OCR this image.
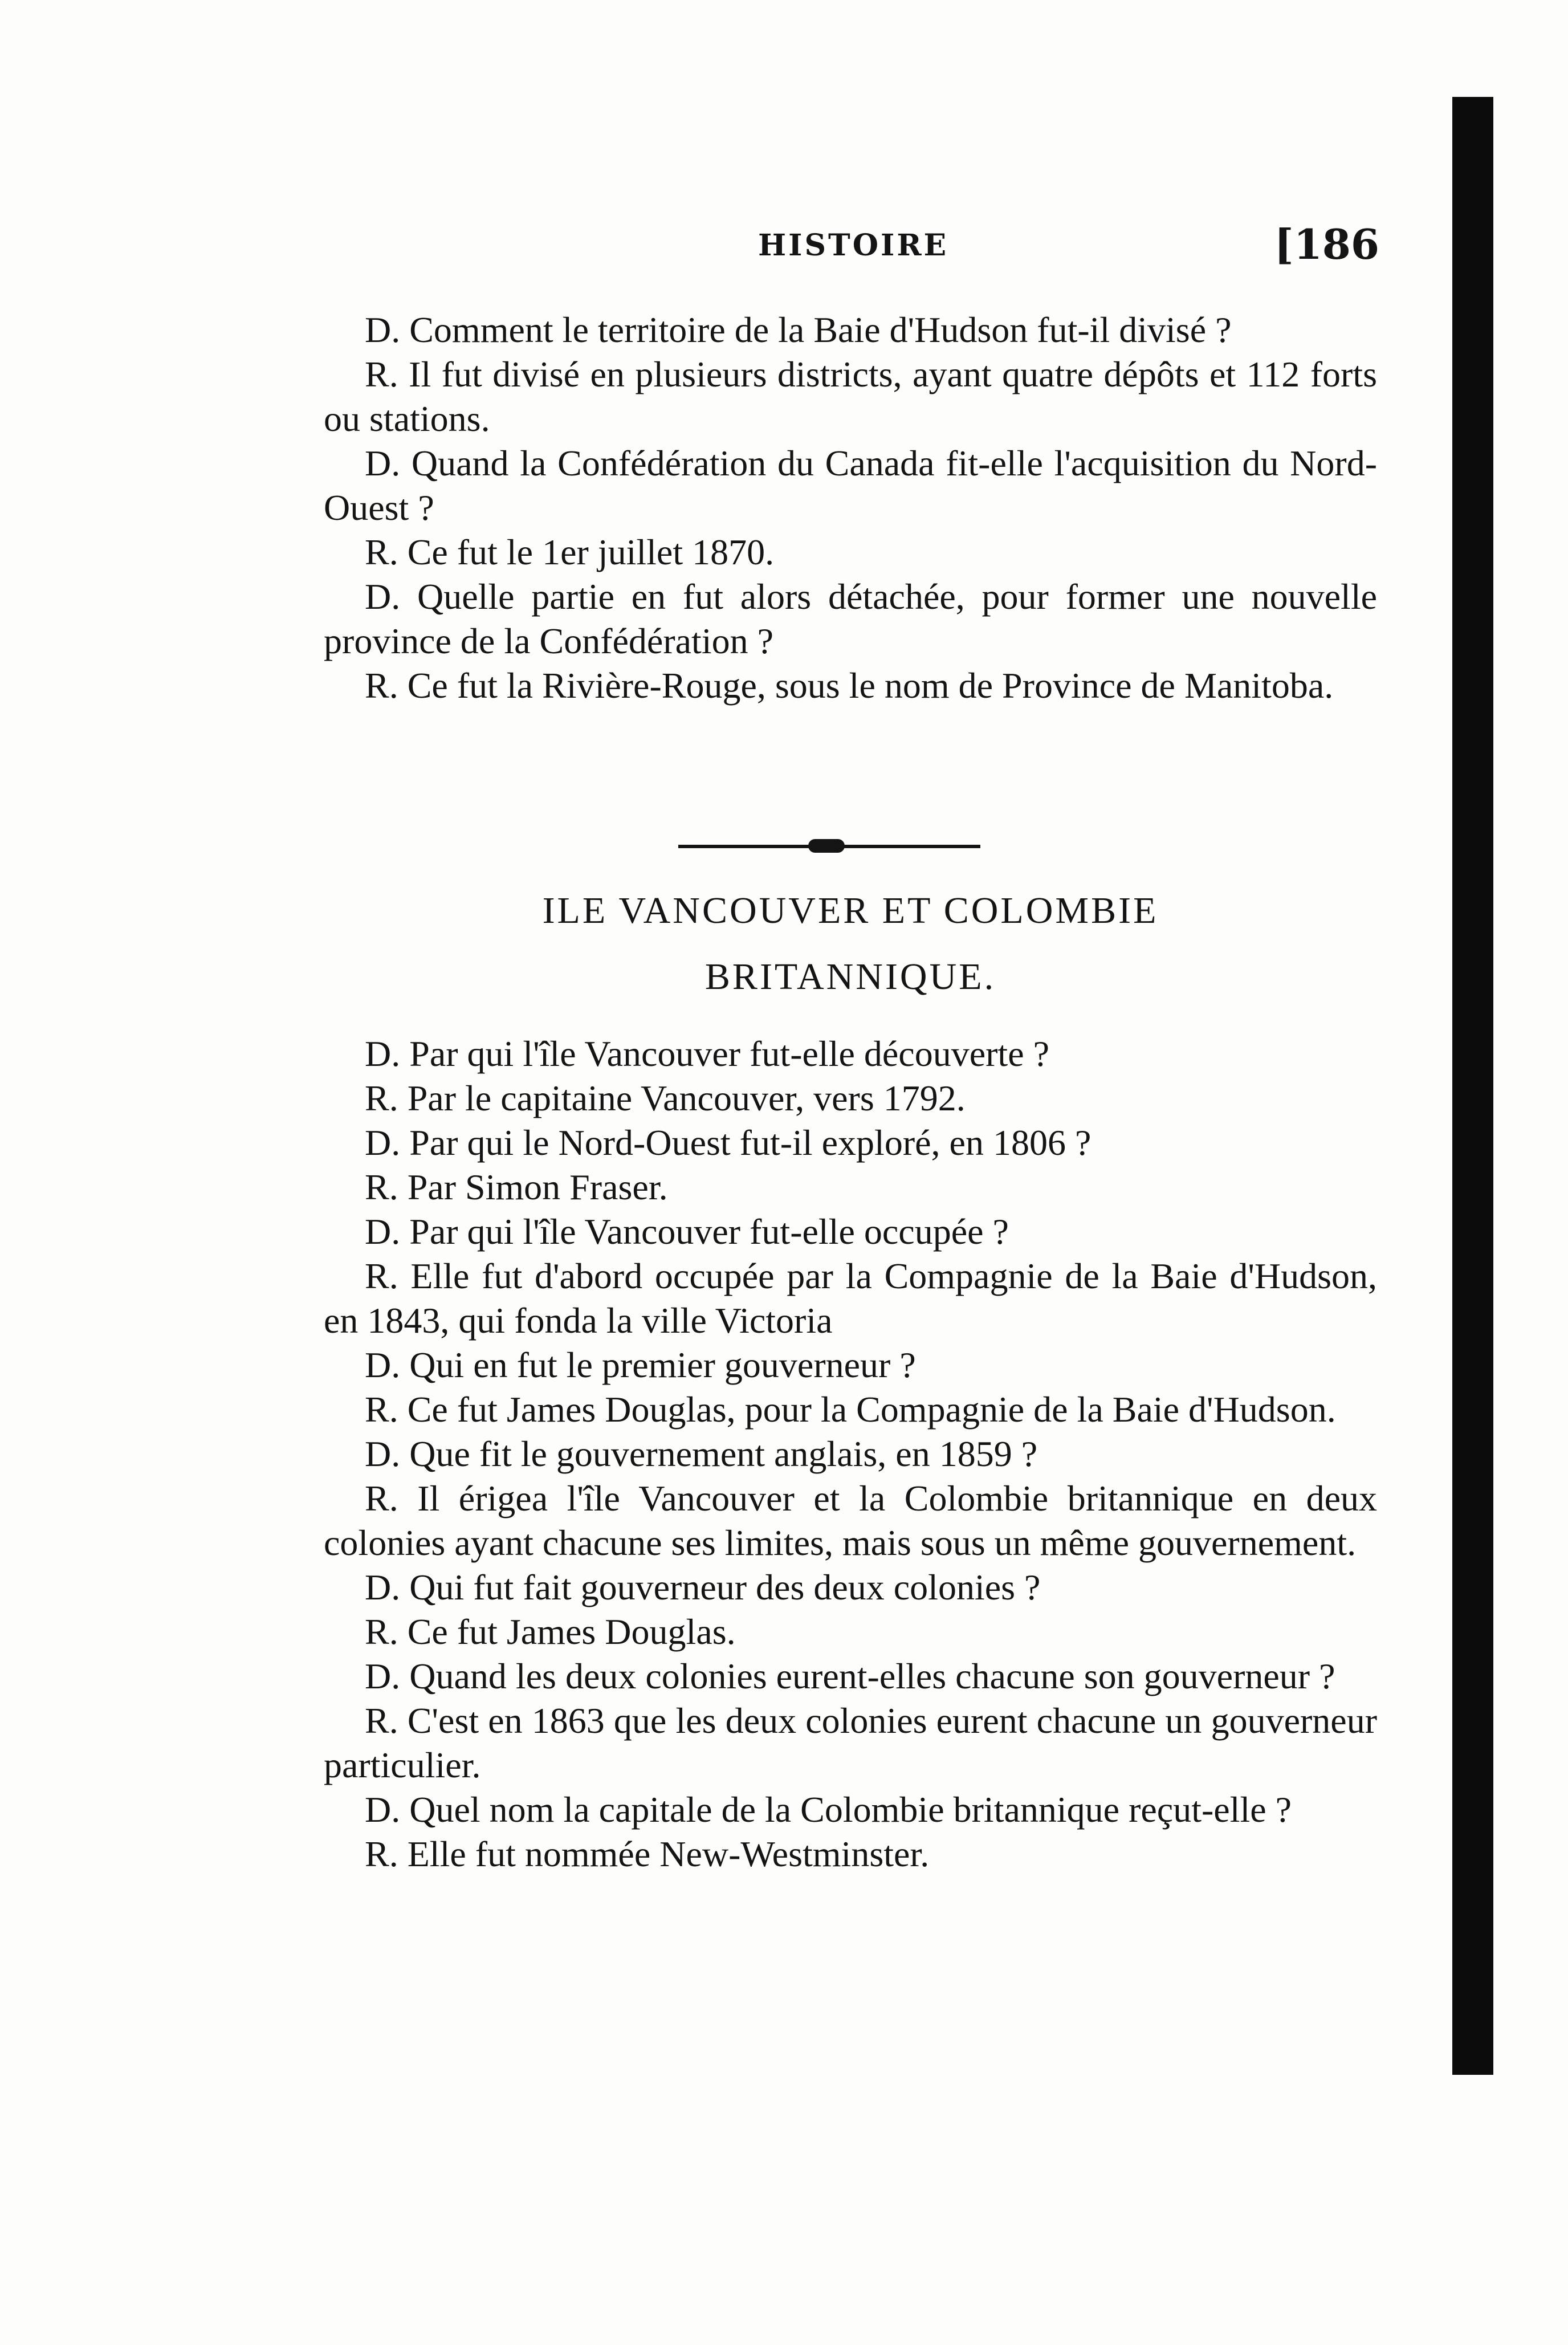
HISTOIRE	[186

D. Comment le territoire de la Baie d'Hudson fut-il divisé ?

R. Il fut divisé en plusieurs districts, ayant quatre dépôts et 112 forts ou stations.

D. Quand la Confédération du Canada fit-elle l'acquisition du Nord-Ouest ?

R. Ce fut le 1er juillet 1870.

D. Quelle partie en fut alors détachée, pour former une nouvelle province de la Confédération ?

R. Ce fut la Rivière-Rouge, sous le nom de Province de Manitoba.

ILE VANCOUVER ET COLOMBIE
BRITANNIQUE.

D. Par qui l'île Vancouver fut-elle découverte ?

R. Par le capitaine Vancouver, vers 1792.

D. Par qui le Nord-Ouest fut-il exploré, en 1806 ?

R. Par Simon Fraser.

D. Par qui l'île Vancouver fut-elle occupée ?

R. Elle fut d'abord occupée par la Compagnie de la Baie d'Hudson, en 1843, qui fonda la ville Victoria

D. Qui en fut le premier gouverneur ?

R. Ce fut James Douglas, pour la Compagnie de la Baie d'Hudson.

D. Que fit le gouvernement anglais, en 1859 ?

R. Il érigea l'île Vancouver et la Colombie britannique en deux colonies ayant chacune ses limites, mais sous un même gouvernement.

D. Qui fut fait gouverneur des deux colonies ?

R. Ce fut James Douglas.

D. Quand les deux colonies eurent-elles chacune son gouverneur ?

R. C'est en 1863 que les deux colonies eurent chacune un gouverneur particulier.

D. Quel nom la capitale de la Colombie britannique reçut-elle ?

R. Elle fut nommée New-Westminster.
